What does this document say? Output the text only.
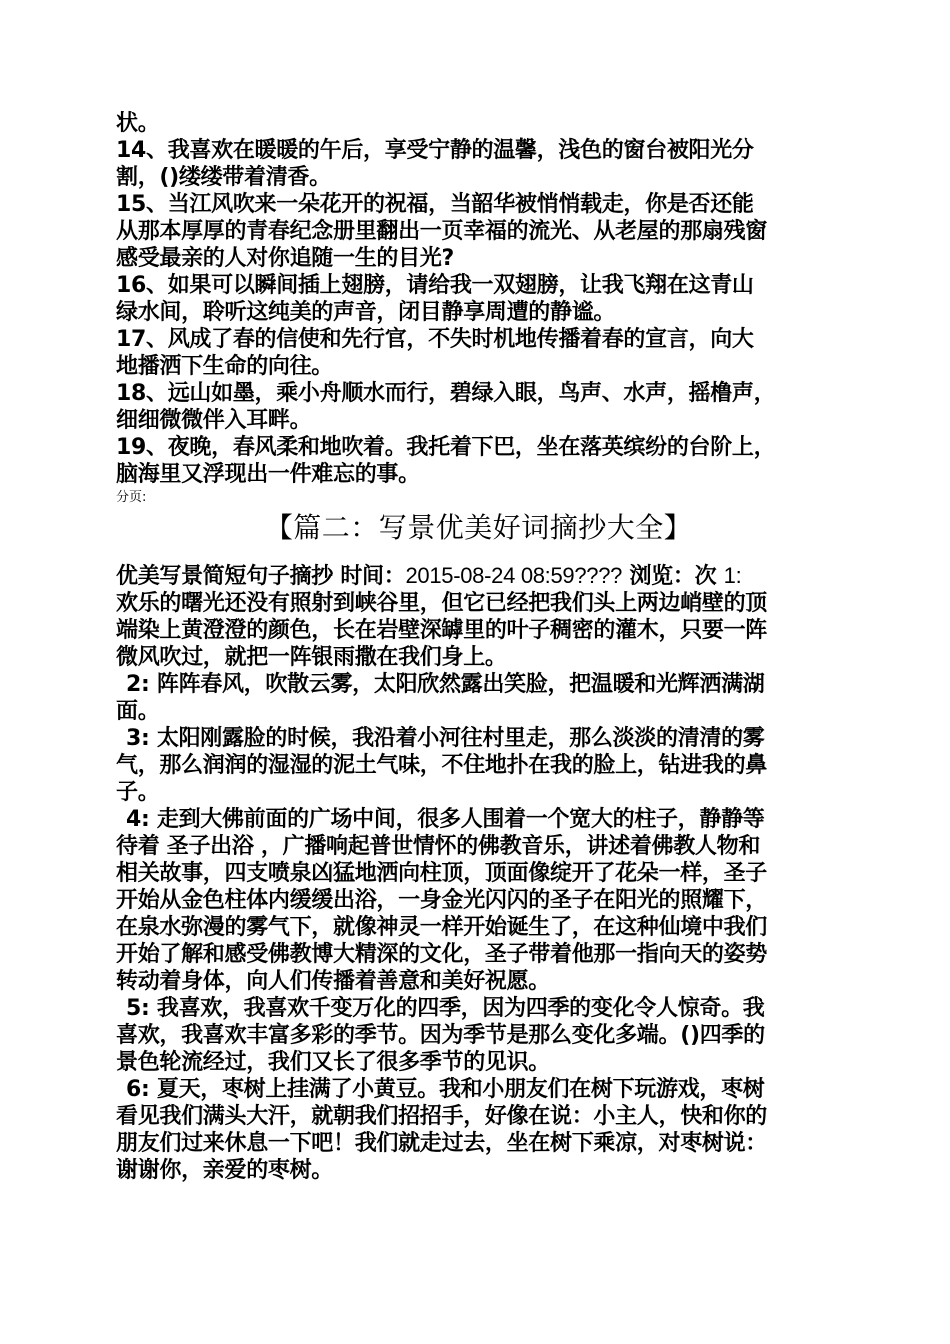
状。
14、我喜欢在暖暖的午后，享受宁静的温馨，浅色的窗台被阳光分
割，()缕缕带着清香。
15、当江风吹来一朵花开的祝福，当韶华被悄悄载走，你是否还能
从那本厚厚的青春纪念册里翻出一页幸福的流光、从老屋的那扇残窗
感受最亲的人对你追随一生的目光?
16、如果可以瞬间插上翅膀，请给我一双翅膀，让我飞翔在这青山
绿水间，聆听这纯美的声音，闭目静享周遭的静谧。
17、风成了春的信使和先行官，不失时机地传播着春的宣言，向大
地播洒下生命的向往。
18、远山如墨，乘小舟顺水而行，碧绿入眼，鸟声、水声，摇橹声，
细细微微伴入耳畔。
19、夜晚，春风柔和地吹着。我托着下巴，坐在落英缤纷的台阶上，
脑海里又浮现出一件难忘的事。
分页:
【篇二：写景优美好词摘抄大全】
优美写景简短句子摘抄 时间：2015-08-24 08:59???? 浏览：次 1:
欢乐的曙光还没有照射到峡谷里，但它已经把我们头上两边峭壁的顶
端染上黄澄澄的颜色，长在岩壁深罅里的叶子稠密的灌木，只要一阵
微风吹过，就把一阵银雨撒在我们身上。
2: 阵阵春风，吹散云雾，太阳欣然露出笑脸，把温暖和光辉洒满湖
面。
3: 太阳刚露脸的时候，我沿着小河往村里走，那么淡淡的清清的雾
气，那么润润的湿湿的泥土气味，不住地扑在我的脸上，钻进我的鼻
子。
4: 走到大佛前面的广场中间，很多人围着一个宽大的柱子，静静等
待着 圣子出浴 ，广播响起普世情怀的佛教音乐，讲述着佛教人物和
相关故事，四支喷泉凶猛地洒向柱顶，顶面像绽开了花朵一样，圣子
开始从金色柱体内缓缓出浴，一身金光闪闪的圣子在阳光的照耀下，
在泉水弥漫的雾气下，就像神灵一样开始诞生了，在这种仙境中我们
开始了解和感受佛教博大精深的文化，圣子带着他那一指向天的姿势
转动着身体，向人们传播着善意和美好祝愿。
5: 我喜欢，我喜欢千变万化的四季，因为四季的变化令人惊奇。我
喜欢，我喜欢丰富多彩的季节。因为季节是那么变化多端。()四季的
景色轮流经过，我们又长了很多季节的见识。
6: 夏天，枣树上挂满了小黄豆。我和小朋友们在树下玩游戏，枣树
看见我们满头大汗，就朝我们招招手，好像在说：小主人，快和你的
朋友们过来休息一下吧！我们就走过去，坐在树下乘凉，对枣树说：
谢谢你，亲爱的枣树。
